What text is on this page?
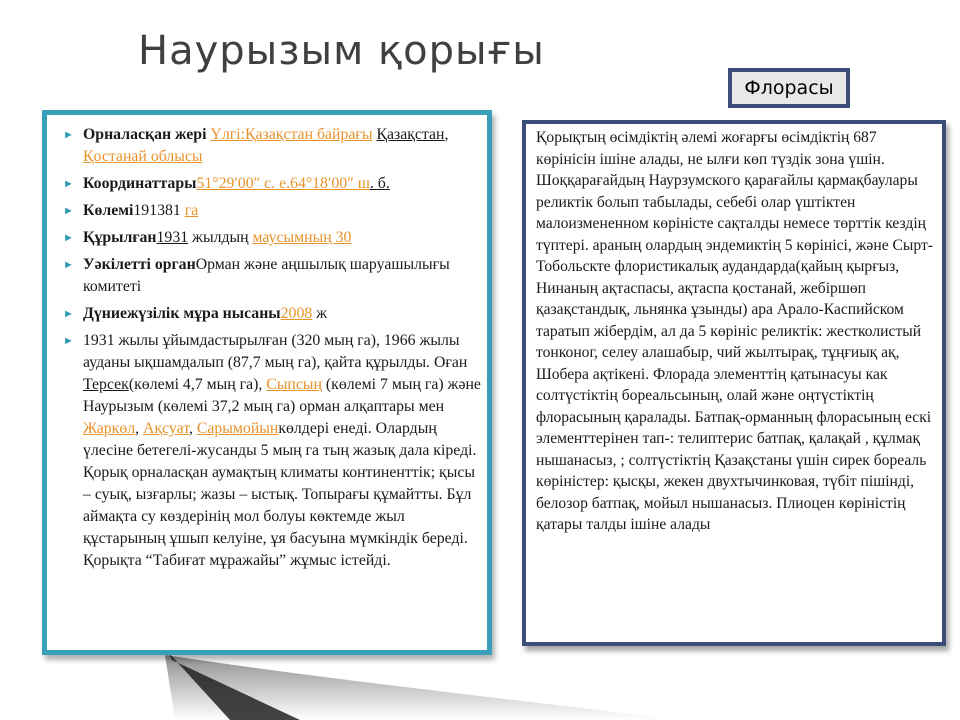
Наурызым қорығы
Флорасы
► Орналасқан жері Үлгі:Қазақстан байрағы Қазақстан, Қостанай облысы
► Координаттары51°29′00″ с. е.64°18′00″ ш. б.
► Көлемі191381 га
► Құрылған1931 жылдың маусымның 30
► Уәкілетті органОрман және аңшылық шаруашылығы комитеті
► Дүниежүзілік мұра нысаны2008 ж
► 1931 жылы ұйымдастырылған (320 мың га), 1966 жылы ауданы ықшамдалып (87,7 мың га), қайта құрылды. Оған Терсек(көлемі 4,7 мың га), Сыпсың (көлемі 7 мың га) және Наурызым (көлемі 37,2 мың га) орман алқаптары мен Жаркөл, Ақсуат, Сарымойынкөлдері енеді. Олардың үлесіне бетегелі-жусанды 5 мың га тың жазық дала кіреді. Қорық орналасқан аумақтың климаты континенттік; қысы – суық, ызғарлы; жазы – ыстық. Топырағы құмайтты. Бұл аймақта су көздерінің мол болуы көктемде жыл құстарының ұшып келуіне, ұя басуына мүмкіндік береді. Қорықта “Табиғат мұражайы” жұмыс істейді.

Қорықтың өсімдіктің әлемі жоғарғы өсімдіктің 687 көрінісін ішіне алады, не ылғи көп түздік зона үшін. Шоққарағайдың Наурзумского қарағайлы қармақбаулары реликтік болып табылады, себебі олар үштіктен малоизмененном көріністе сақталды немесе төрттік кездің түптері. араның олардың эндемиктің 5 көрінісі, және Сырт-Тобольскте флористикалық аудандарда(қайың қырғыз, Нинаның ақтаспасы, ақтаспа қостанай, жебіршөп қазақстандық, льнянка ұзынды) ара Арало-Каспийском таратып жібердім, ал да 5 көрініс реликтік: жестколистый тонконог, селеу алашабыр, чий жылтырақ, тұңғиық ақ, Шобера ақтікені. Флорада элементтің қатынасуы как солтүстіктің бореальсының, олай және оңтүстіктің флорасының қаралады. Батпақ-орманның флорасының ескі элементтерінен тап-: телиптерис батпақ, қалақай , құлмақ нышанасыз, ; солтүстіктің Қазақстаны үшін сирек бореаль көріністер: қысқы, жекен двухтычинковая, түбіт пішінді, белозор батпақ, мойыл нышанасыз. Плиоцен көріністің қатары талды ішіне алады
